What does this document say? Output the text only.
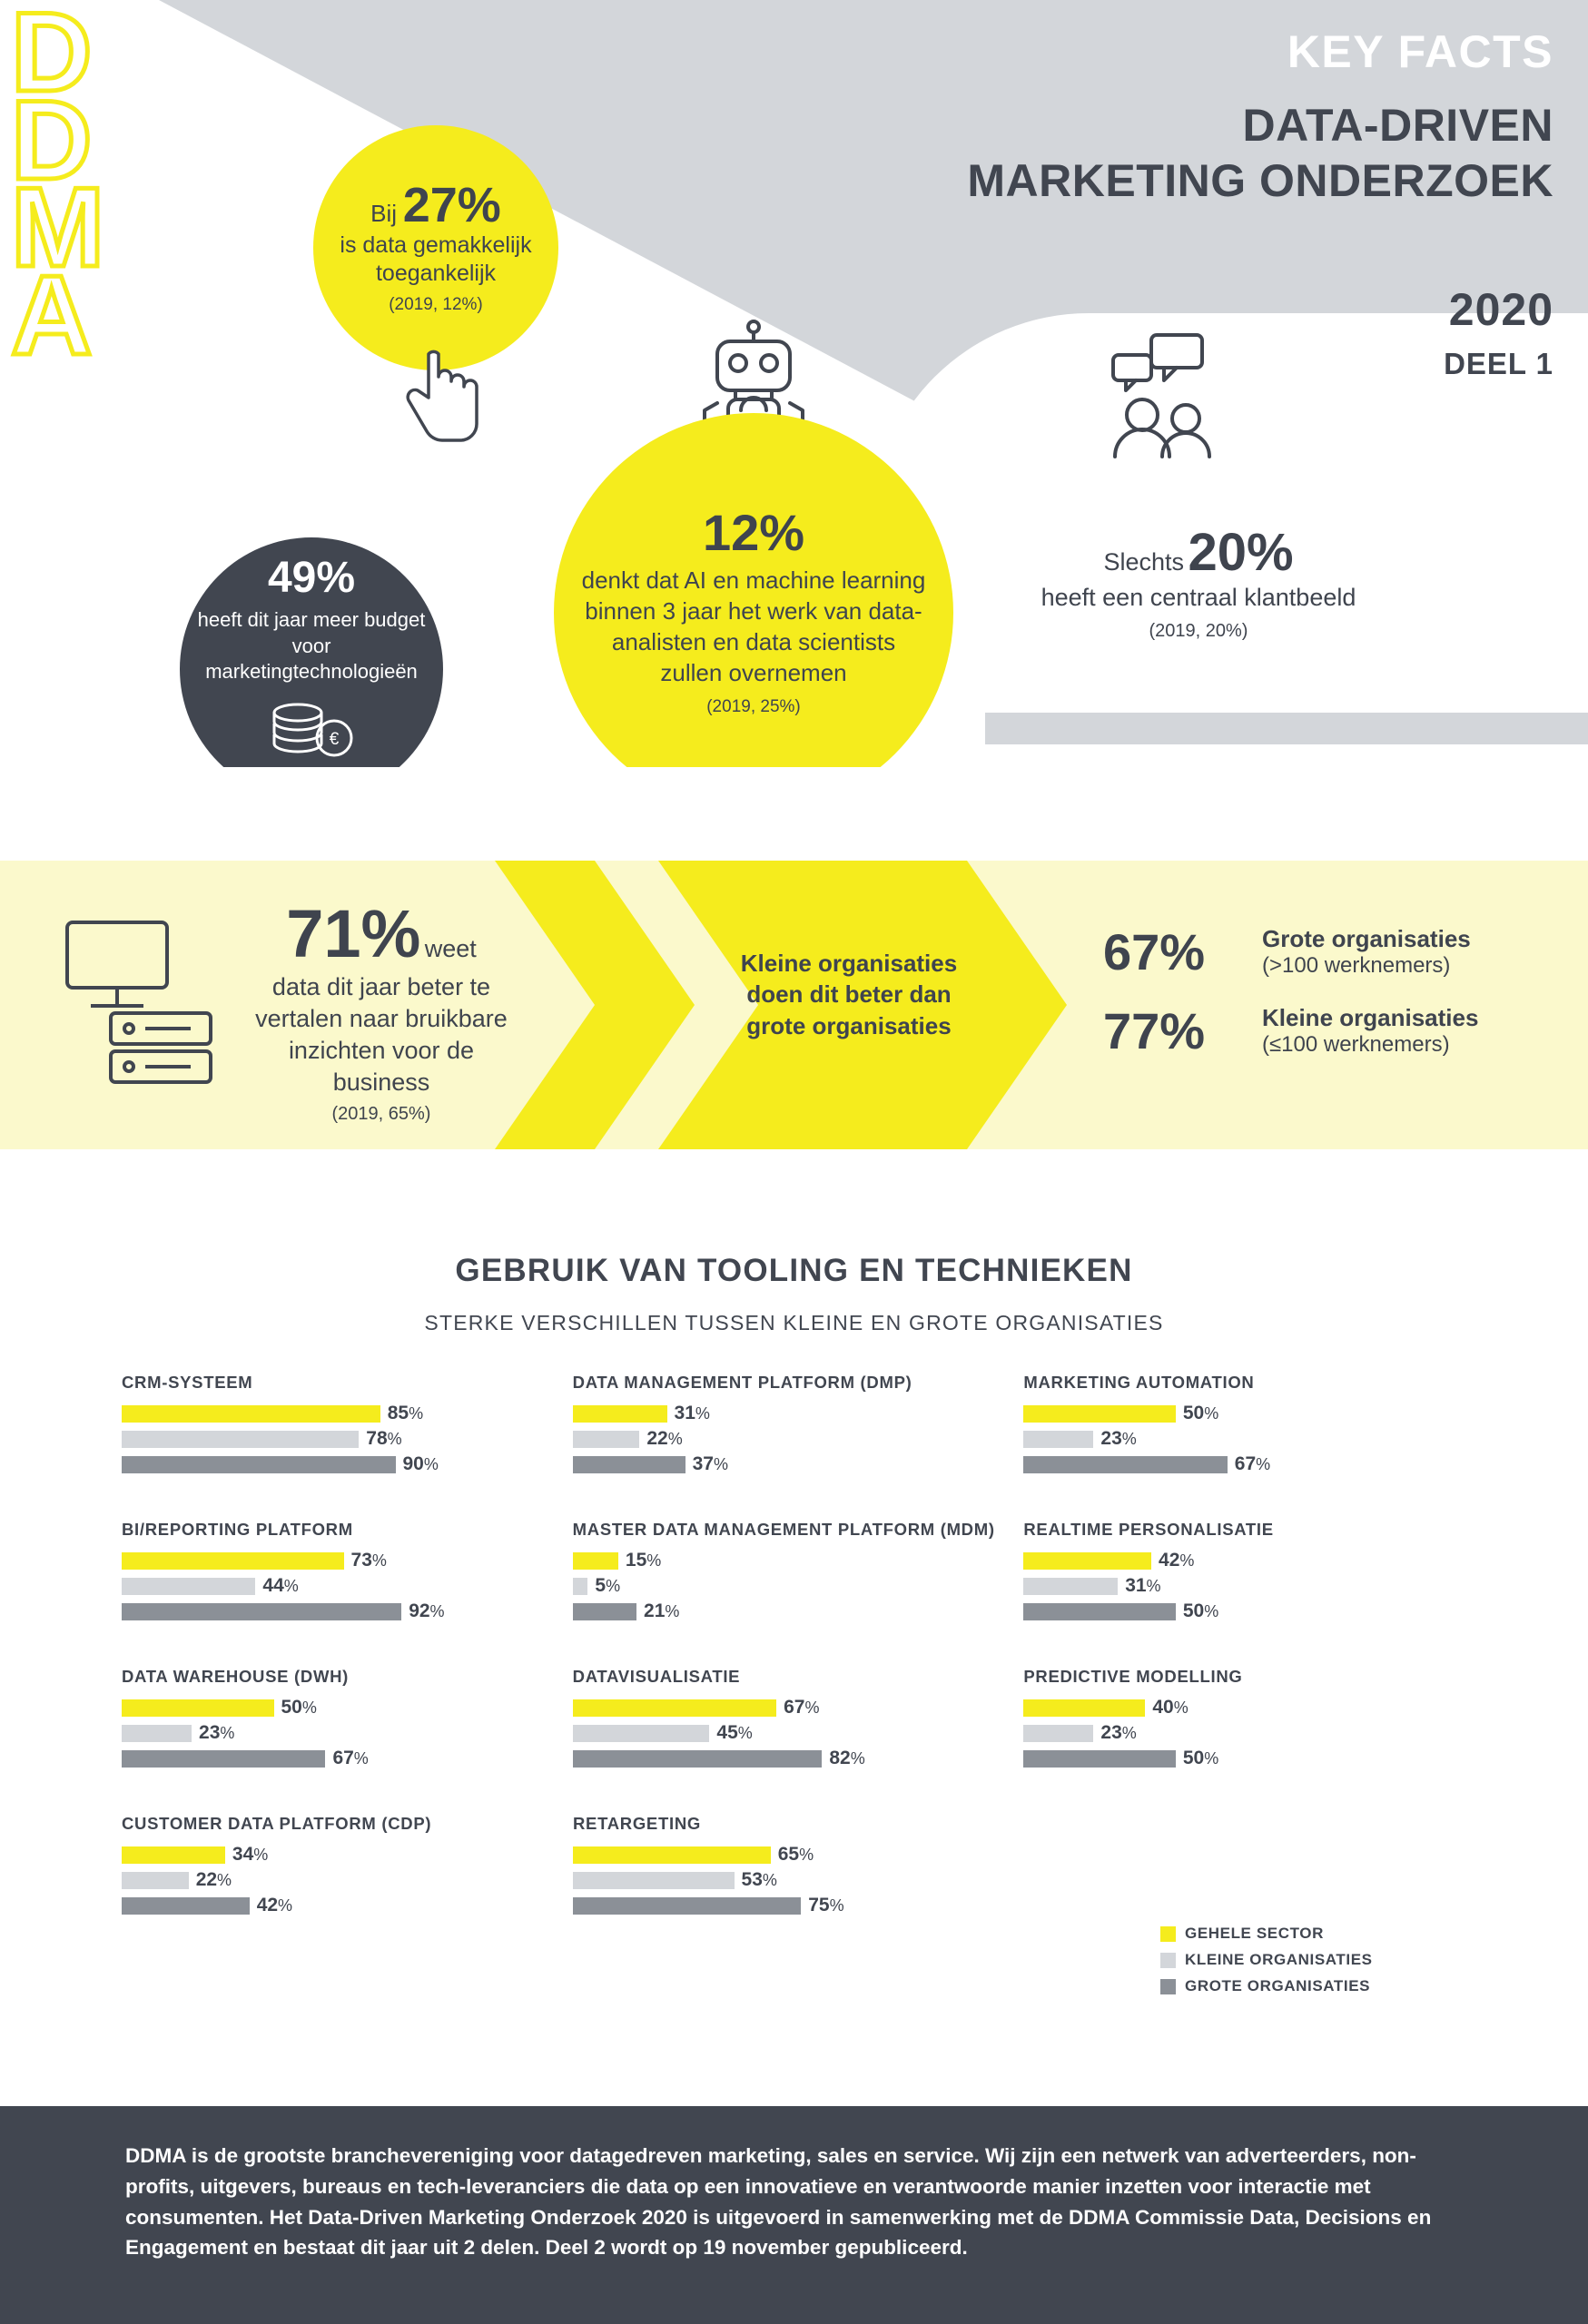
D
D
M
A
KEY FACTS
DATA-DRIVEN
MARKETING ONDERZOEK
2020
DEEL 1
Bij 27%
is data gemakkelijk toegankelijk
(2019, 12%)
12%
denkt dat AI en machine learning binnen 3 jaar het werk van data-analisten en data scientists zullen overnemen
(2019, 25%)
49%
heeft dit jaar meer budget voor marketingtechnologieën
€
Slechts 20%
heeft een centraal klantbeeld
(2019, 20%)
71% weet
data dit jaar beter te vertalen naar bruikbare inzichten voor de business
(2019, 65%)
Kleine organisaties doen dit beter dan grote organisaties
67%	Grote organisaties
(>100 werknemers)
77%	Kleine organisaties
(≤100 werknemers)
GEBRUIK VAN TOOLING EN TECHNIEKEN
STERKE VERSCHILLEN TUSSEN KLEINE EN GROTE ORGANISATIES
CRM-SYSTEEM
85%
78%
90%
DATA MANAGEMENT PLATFORM (DMP)
31%
22%
37%
MARKETING AUTOMATION
50%
23%
67%
BI/REPORTING PLATFORM
73%
44%
92%
MASTER DATA MANAGEMENT PLATFORM (MDM)
15%
5%
21%
REALTIME PERSONALISATIE
42%
31%
50%
DATA WAREHOUSE (DWH)
50%
23%
67%
DATAVISUALISATIE
67%
45%
82%
PREDICTIVE MODELLING
40%
23%
50%
CUSTOMER DATA PLATFORM (CDP)
34%
22%
42%
RETARGETING
65%
53%
75%
GEHELE SECTOR
KLEINE ORGANISATIES
GROTE ORGANISATIES

DDMA is de grootste branchevereniging voor datagedreven marketing, sales en service. Wij zijn een netwerk van adverteerders, non-profits, uitgevers, bureaus en tech-leveranciers die data op een innovatieve en verantwoorde manier inzetten voor interactie met consumenten. Het Data-Driven Marketing Onderzoek 2020 is uitgevoerd in samenwerking met de DDMA Commissie Data, Decisions en Engagement en bestaat dit jaar uit 2 delen. Deel 2 wordt op 19 november gepubliceerd.
